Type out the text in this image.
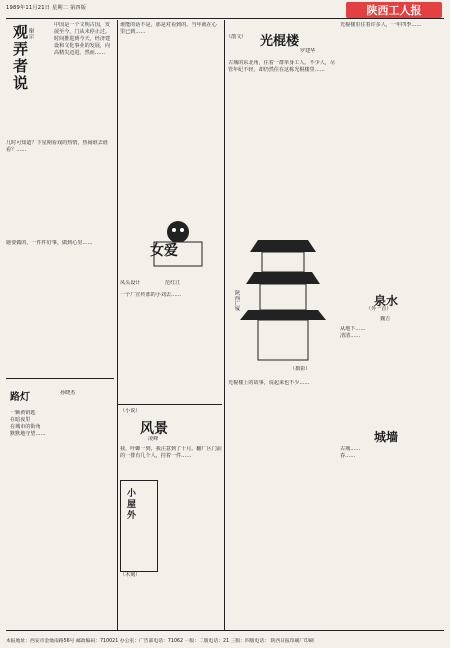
1989年11月21日 星期二 第四版	陕西工人报
观弄者说 谢宗
中国是一个文明古国，发展至今，门从未停止过。时间推进到今天，经济建设和文化事业的发展，向高精尖迈进。然而……
几时可知道？下星期看戏的热情，热闹谁去谁看？……
她要做的，一件件好事，做到心里……
路灯	孙晓杰
一颗黄钥匙
在暗夜里
在城市的街角
默默地守望……
谁能的话不是，那是对看到的。当年就在心里已到……
女爱
凤头设计	范红江
一个厂宣传部的小刘去……
（小说）
风景
凌峰
我，叶蝉一到，我注意到了十月。翻厂区门前的一排有几个人，挂着一件……
小屋外
（木刻）
（散文）	光棍楼
罗建华
古城的东北角，住着一群单身工人。不少人，尽管年纪不轻，却仍然住在这栋光棍楼里……
陕西广厦
（摄影）
光棍楼上的故事，说起来也不少……
光棍楼里住着许多人，一年四季……
泉水
（外一首）
魏吉
从地下……
清清……
城墙
古城……
春……
本报地址：西安市金地南路56号 邮政编码：710021 办公室：广告部电话：71062 一版：二版电话：21 三版：四版电话： 陕西日报印刷厂印刷
